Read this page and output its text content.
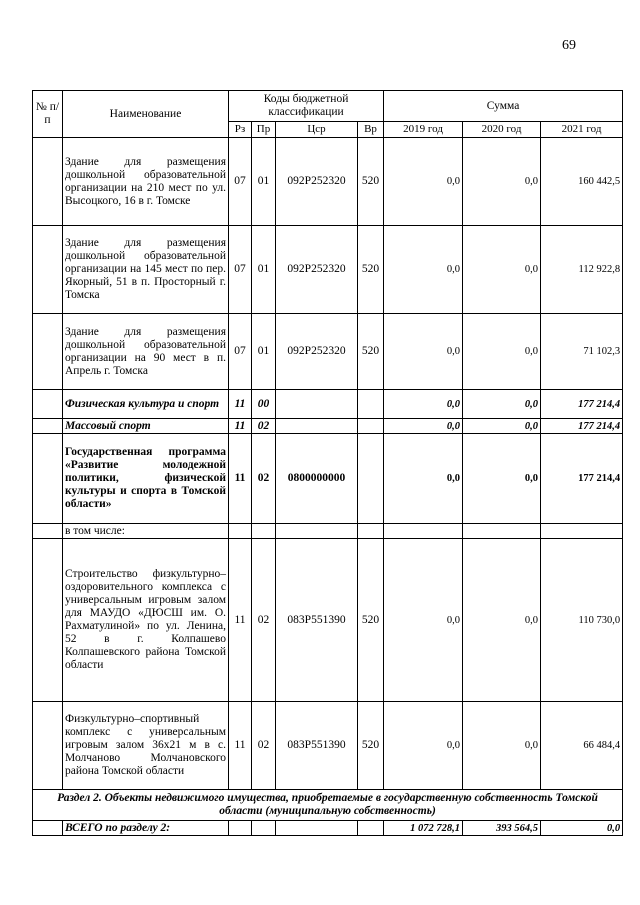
69
№ п/п	Наименование	Коды бюджетной классификации				Сумма		
		Рз	Пр	Цср	Вр	2019 год	2020 год	2021 год
	Здание для размещения дошкольной образовательной организации на 210 мест по ул. Высоцкого, 16 в г. Томске	07	01	092P252320	520	0,0	0,0	160 442,5
	Здание для размещения дошкольной образовательной организации на 145 мест по пер. Якорный, 51 в п. Просторный г. Томска	07	01	092P252320	520	0,0	0,0	112 922,8
	Здание для размещения дошкольной образовательной организации на 90 мест в п. Апрель г. Томска	07	01	092P252320	520	0,0	0,0	71 102,3
	Физическая культура и спорт	11	00			0,0	0,0	177 214,4
	Массовый спорт	11	02			0,0	0,0	177 214,4
	Государственная программа «Развитие молодежной политики, физической культуры и спорта в Томской области»	11	02	0800000000		0,0	0,0	177 214,4
	в том числе:							
	Строительство физкультурно–оздоровительного комплекса с универсальным игровым залом для МАУДО «ДЮСШ им. О. Рахматулиной» по ул. Ленина, 52 в г. Колпашево Колпашевского района Томской области	11	02	083P551390	520	0,0	0,0	110 730,0
	Физкультурно–спортивный комплекс с универсальным игровым залом 36x21 м в с. Молчаново Молчановского района Томской области	11	02	083P551390	520	0,0	0,0	66 484,4
Раздел 2. Объекты недвижимого имущества, приобретаемые в государственную собственность Томской области (муниципальную собственность)								
	ВСЕГО по разделу 2:					1 072 728,1	393 564,5	0,0
